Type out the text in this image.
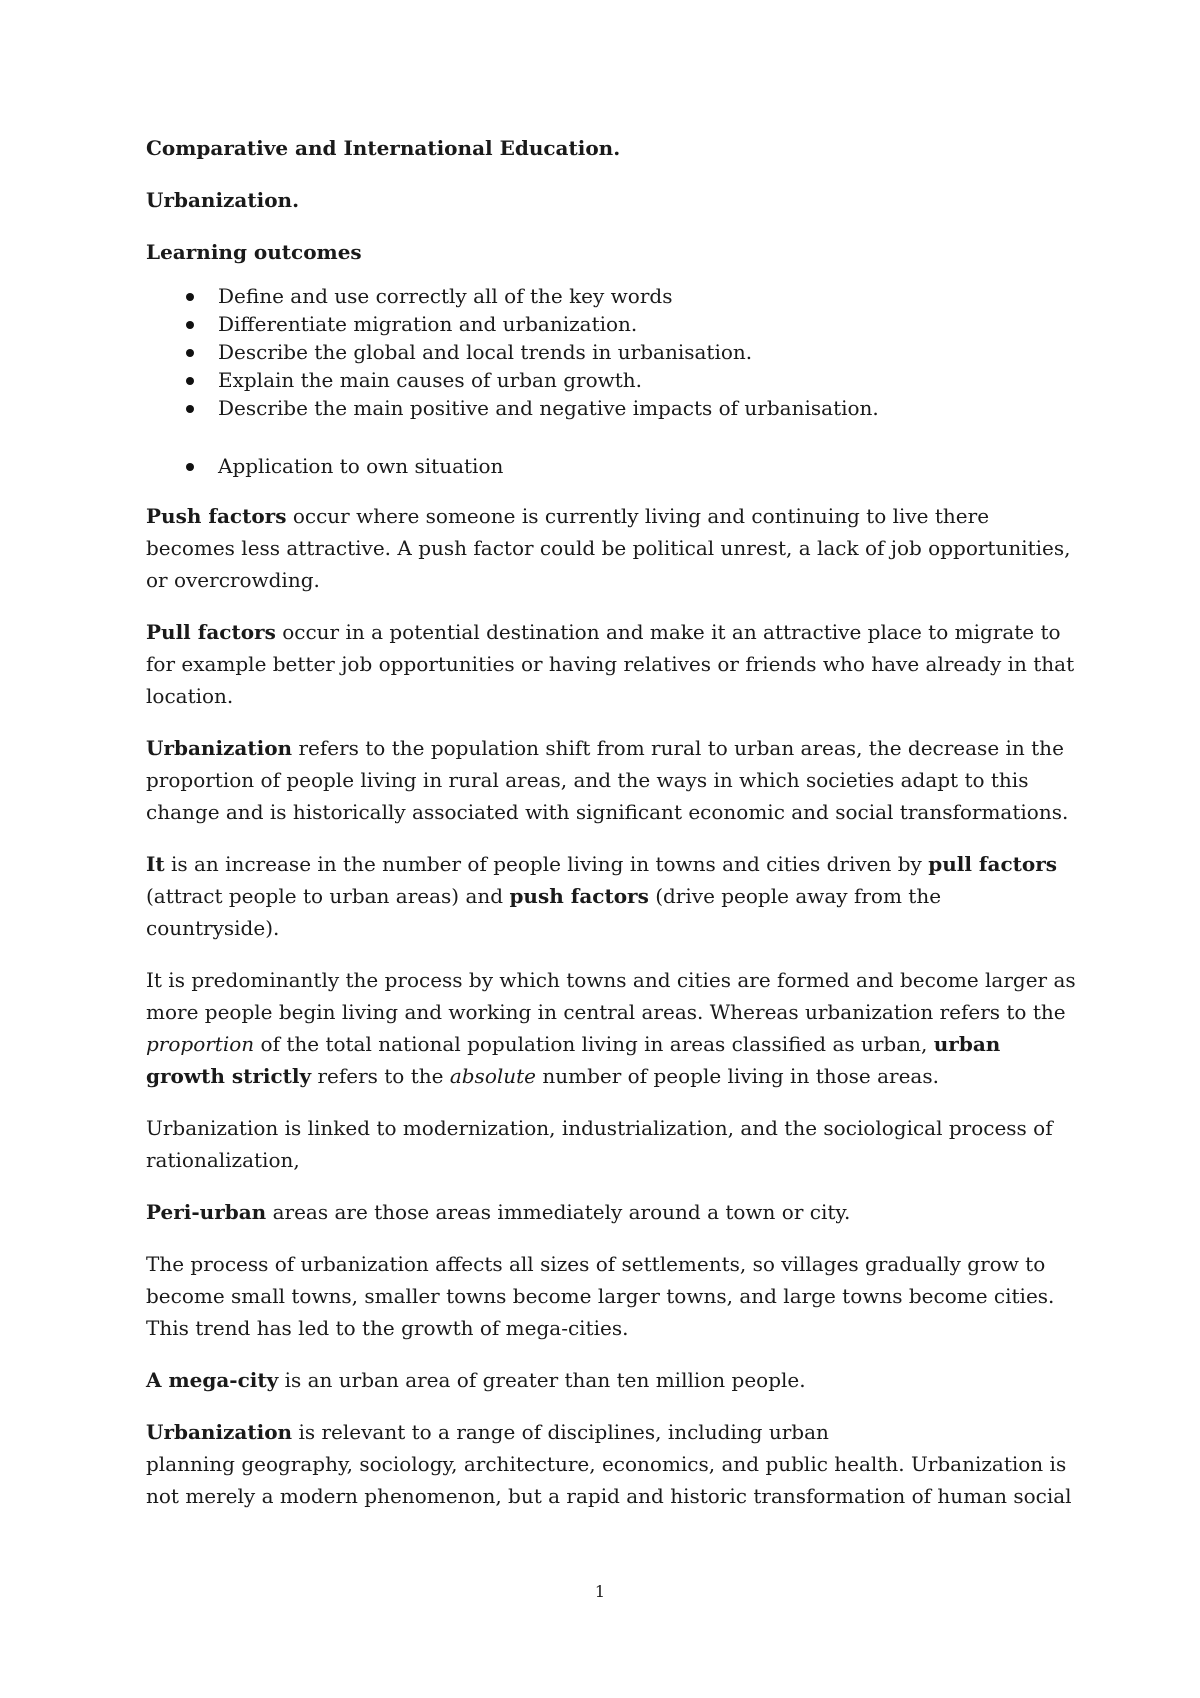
Comparative and International Education.

Urbanization.

Learning outcomes

Define and use correctly all of the key words
Differentiate migration and urbanization.
Describe the global and local trends in urbanisation.
Explain the main causes of urban growth.
Describe the main positive and negative impacts of urbanisation.
Application to own situation

Push factors occur where someone is currently living and continuing to live there becomes less attractive. A push factor could be political unrest, a lack of job opportunities, or overcrowding.

Pull factors occur in a potential destination and make it an attractive place to migrate to for example better job opportunities or having relatives or friends who have already in that location.

Urbanization refers to the population shift from rural to urban areas, the decrease in the proportion of people living in rural areas, and the ways in which societies adapt to this change and is historically associated with significant economic and social transformations.

It is an increase in the number of people living in towns and cities driven by pull factors (attract people to urban areas) and push factors (drive people away from the countryside).

It is predominantly the process by which towns and cities are formed and become larger as more people begin living and working in central areas. Whereas urbanization refers to the proportion of the total national population living in areas classified as urban, urban growth strictly refers to the absolute number of people living in those areas.

Urbanization is linked to modernization, industrialization, and the sociological process of rationalization,

Peri-urban areas are those areas immediately around a town or city.

The process of urbanization affects all sizes of settlements, so villages gradually grow to become small towns, smaller towns become larger towns, and large towns become cities. This trend has led to the growth of mega-cities.

A mega-city is an urban area of greater than ten million people.

Urbanization is relevant to a range of disciplines, including urban
planning geography, sociology, architecture, economics, and public health. Urbanization is not merely a modern phenomenon, but a rapid and historic transformation of human social

1
